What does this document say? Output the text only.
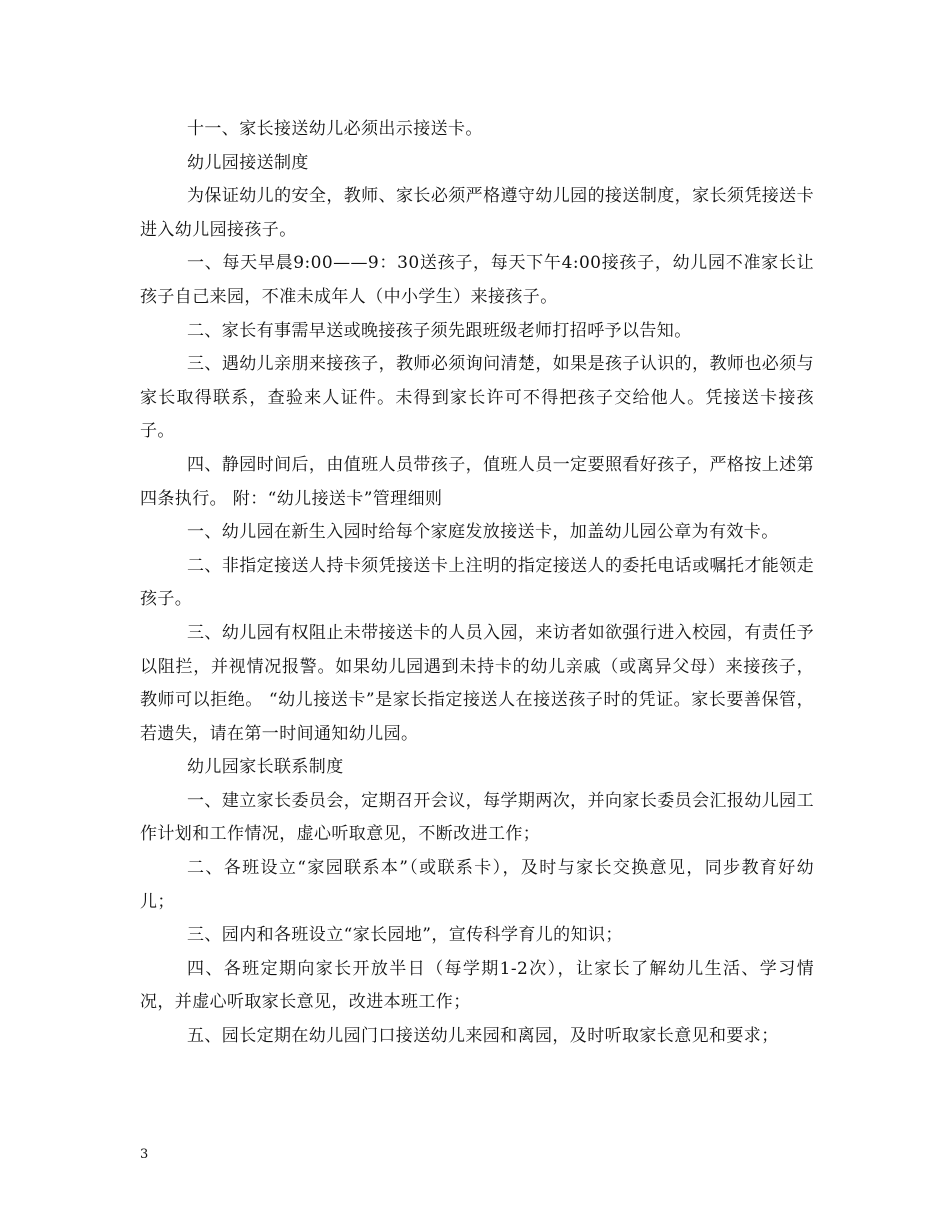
十一、家长接送幼儿必须出示接送卡。

幼儿园接送制度

为保证幼儿的安全，教师、家长必须严格遵守幼儿园的接送制度，家长须凭接送卡进入幼儿园接孩子。

一、每天早晨9:00——9：30送孩子，每天下午4:00接孩子，幼儿园不准家长让孩子自己来园，不准未成年人（中小学生）来接孩子。

二、家长有事需早送或晚接孩子须先跟班级老师打招呼予以告知。

三、遇幼儿亲朋来接孩子，教师必须询问清楚，如果是孩子认识的，教师也必须与家长取得联系，查验来人证件。未得到家长许可不得把孩子交给他人。凭接送卡接孩子。

四、静园时间后，由值班人员带孩子，值班人员一定要照看好孩子，严格按上述第四条执行。 附：“幼儿接送卡”管理细则

一、幼儿园在新生入园时给每个家庭发放接送卡，加盖幼儿园公章为有效卡。

二、非指定接送人持卡须凭接送卡上注明的指定接送人的委托电话或嘱托才能领走孩子。

三、幼儿园有权阻止未带接送卡的人员入园，来访者如欲强行进入校园，有责任予以阻拦，并视情况报警。如果幼儿园遇到未持卡的幼儿亲戚（或离异父母）来接孩子，教师可以拒绝。 “幼儿接送卡”是家长指定接送人在接送孩子时的凭证。家长要善保管，若遗失，请在第一时间通知幼儿园。

幼儿园家长联系制度

一、建立家长委员会，定期召开会议，每学期两次，并向家长委员会汇报幼儿园工作计划和工作情况，虚心听取意见，不断改进工作；

二、各班设立“家园联系本”（或联系卡），及时与家长交换意见，同步教育好幼儿；

三、园内和各班设立“家长园地”，宣传科学育儿的知识；

四、各班定期向家长开放半日（每学期1-2次），让家长了解幼儿生活、学习情况，并虚心听取家长意见，改进本班工作；

五、园长定期在幼儿园门口接送幼儿来园和离园，及时听取家长意见和要求；

3
